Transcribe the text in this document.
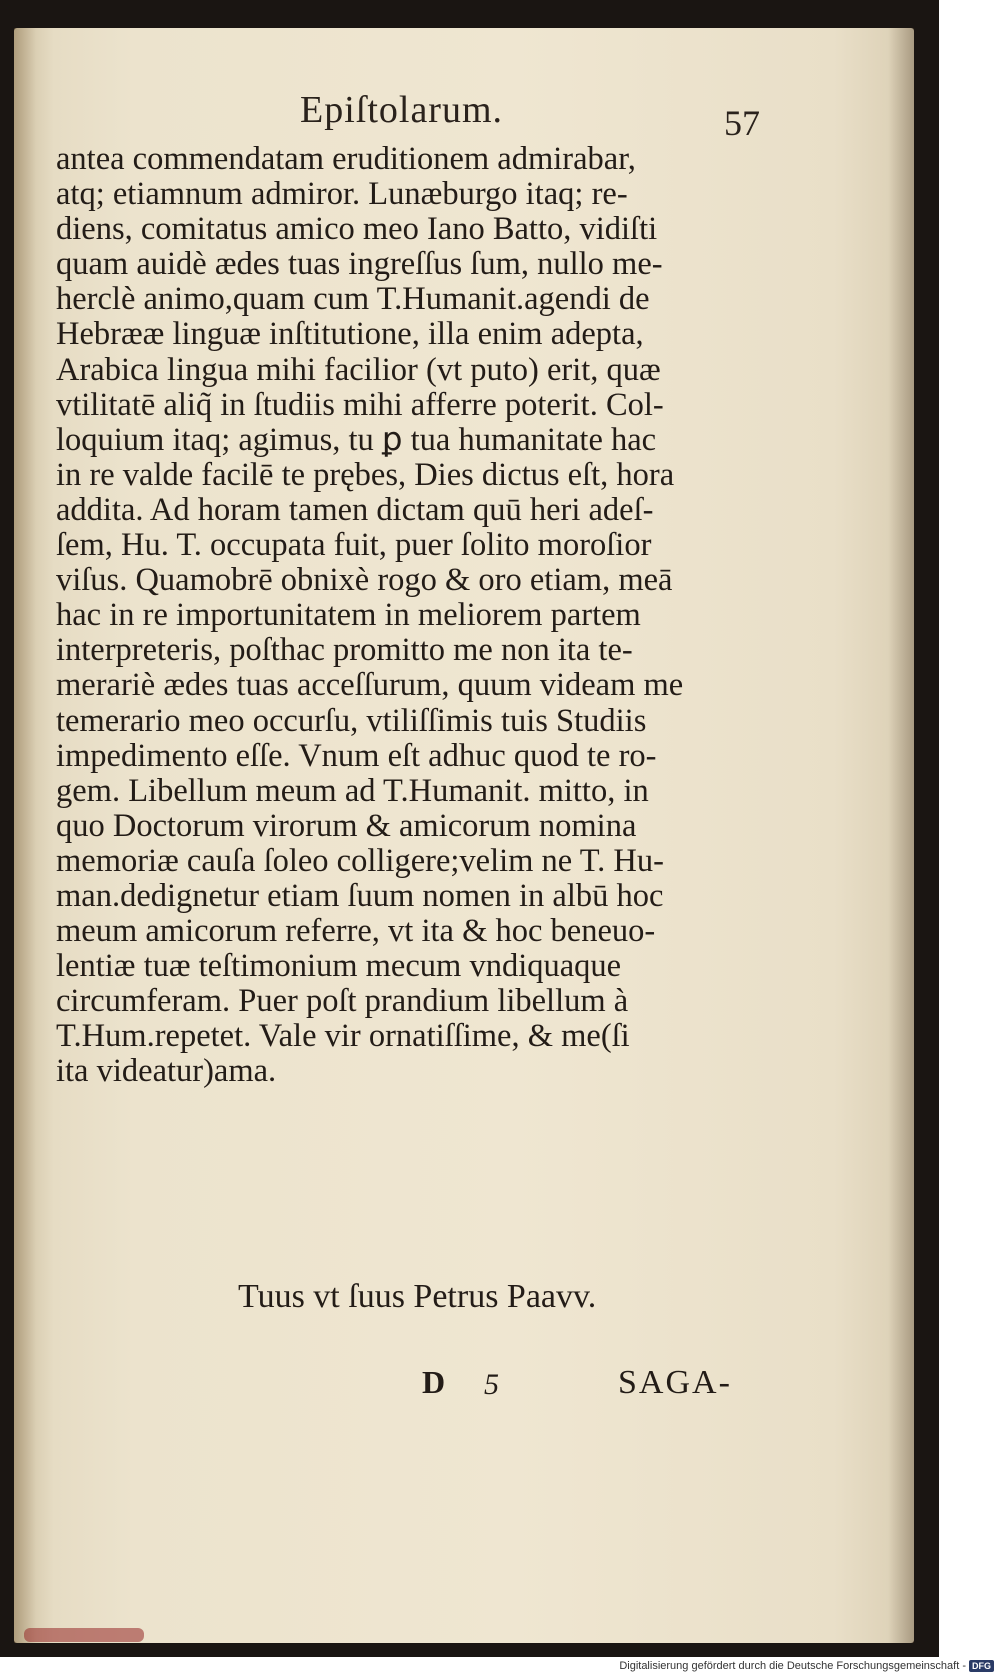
Epiſtolarum.	57
antea commendatam eruditionem admirabar,
atq; etiamnum admiror. Lunæburgo itaq; re-
diens, comitatus amico meo Iano Batto, vidiſti
quam auidè ædes tuas ingreſſus ſum, nullo me-
herclè animo,quam cum T.Humanit.agendi de
Hebrææ linguæ inſtitutione, illa enim adepta,
Arabica lingua mihi facilior (vt puto) erit, quæ
vtilitatē aliq̃ in ſtudiis mihi afferre poterit. Col-
loquium itaq; agimus, tu ꝑ tua humanitate hac
in re valde facilē te prębes, Dies dictus eſt, hora
addita. Ad horam tamen dictam quū heri adeſ-
ſem, Hu. T. occupata fuit, puer ſolito moroſior
viſus. Quamobrē obnixè rogo & oro etiam, meā
hac in re importunitatem in meliorem partem
interpreteris, poſthac promitto me non ita te-
merariè ædes tuas acceſſurum, quum videam me
temerario meo occurſu, vtiliſſimis tuis Studiis
impedimento eſſe. Vnum eſt adhuc quod te ro-
gem. Libellum meum ad T.Humanit. mitto, in
quo Doctorum virorum & amicorum nomina
memoriæ cauſa ſoleo colligere;velim ne T. Hu-
man.dedignetur etiam ſuum nomen in albū hoc
meum amicorum referre, vt ita & hoc beneuo-
lentiæ tuæ teſtimonium mecum vndiquaque
circumferam. Puer poſt prandium libellum à
T.Hum.repetet. Vale vir ornatiſſime, & me(ſi
ita videatur)ama.
Tuus vt ſuus Petrus Paavv.
D 5	SAGA-
Digitalisierung gefördert durch die Deutsche Forschungsgemeinschaft - DFG
